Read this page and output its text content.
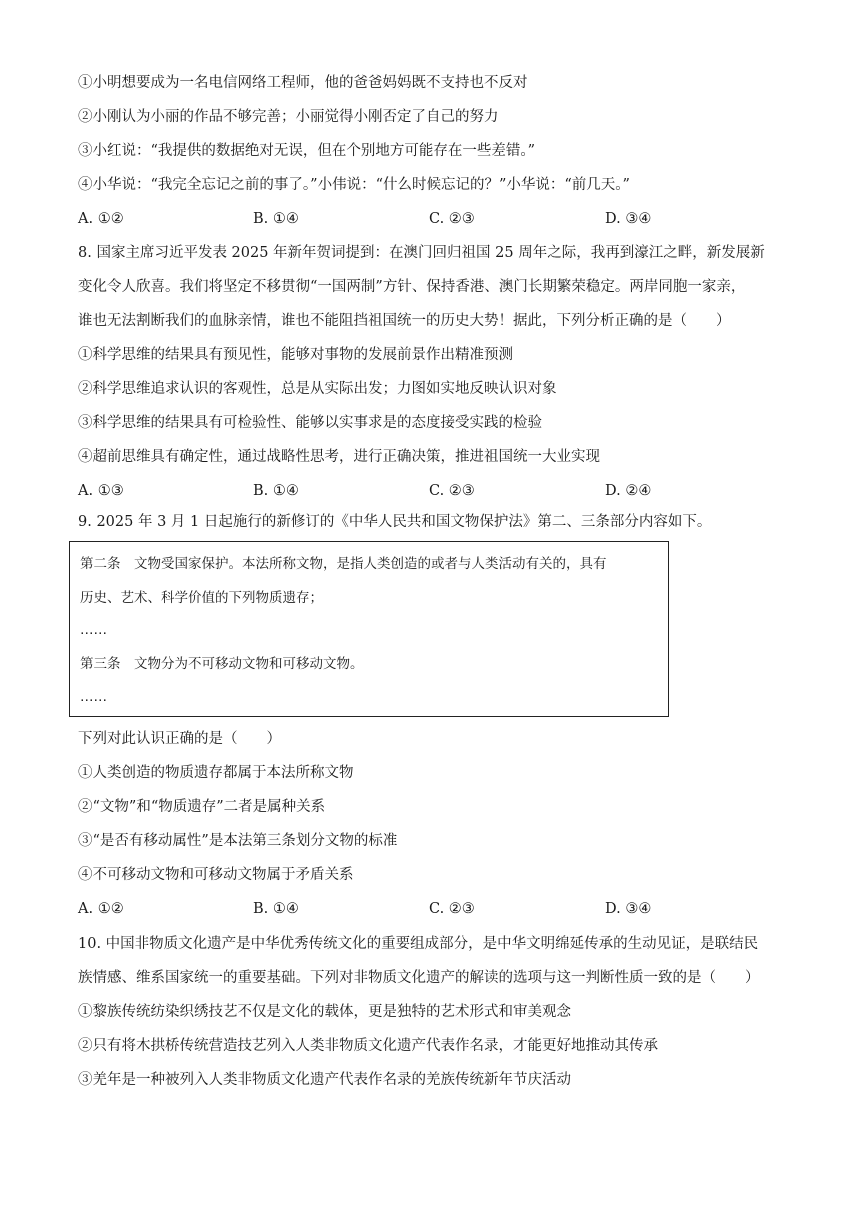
①小明想要成为一名电信网络工程师，他的爸爸妈妈既不支持也不反对
②小刚认为小丽的作品不够完善；小丽觉得小刚否定了自己的努力
③小红说：“我提供的数据绝对无误，但在个别地方可能存在一些差错。”
④小华说：“我完全忘记之前的事了。”小伟说：“什么时候忘记的？”小华说：“前几天。”
A. ①②	B. ①④	C. ②③	D. ③④
8. 国家主席习近平发表 2025 年新年贺词提到：在澳门回归祖国 25 周年之际，我再到濠江之畔，新发展新
变化令人欣喜。我们将坚定不移贯彻“一国两制”方针、保持香港、澳门长期繁荣稳定。两岸同胞一家亲，
谁也无法割断我们的血脉亲情，谁也不能阻挡祖国统一的历史大势！据此，下列分析正确的是（　　）
①科学思维的结果具有预见性，能够对事物的发展前景作出精准预测
②科学思维追求认识的客观性，总是从实际出发；力图如实地反映认识对象
③科学思维的结果具有可检验性、能够以实事求是的态度接受实践的检验
④超前思维具有确定性，通过战略性思考，进行正确决策，推进祖国统一大业实现
A. ①③	B. ①④	C. ②③	D. ②④
9. 2025 年 3 月 1 日起施行的新修订的《中华人民共和国文物保护法》第二、三条部分内容如下。
第二条　文物受国家保护。本法所称文物，是指人类创造的或者与人类活动有关的，具有
历史、艺术、科学价值的下列物质遗存；
……
第三条　文物分为不可移动文物和可移动文物。
……
下列对此认识正确的是（　　）
①人类创造的物质遗存都属于本法所称文物
②“文物”和“物质遗存”二者是属种关系
③“是否有移动属性”是本法第三条划分文物的标准
④不可移动文物和可移动文物属于矛盾关系
A. ①②	B. ①④	C. ②③	D. ③④
10. 中国非物质文化遗产是中华优秀传统文化的重要组成部分，是中华文明绵延传承的生动见证，是联结民
族情感、维系国家统一的重要基础。下列对非物质文化遗产的解读的选项与这一判断性质一致的是（　　）
①黎族传统纺染织绣技艺不仅是文化的载体，更是独特的艺术形式和审美观念
②只有将木拱桥传统营造技艺列入人类非物质文化遗产代表作名录，才能更好地推动其传承
③羌年是一种被列入人类非物质文化遗产代表作名录的羌族传统新年节庆活动
